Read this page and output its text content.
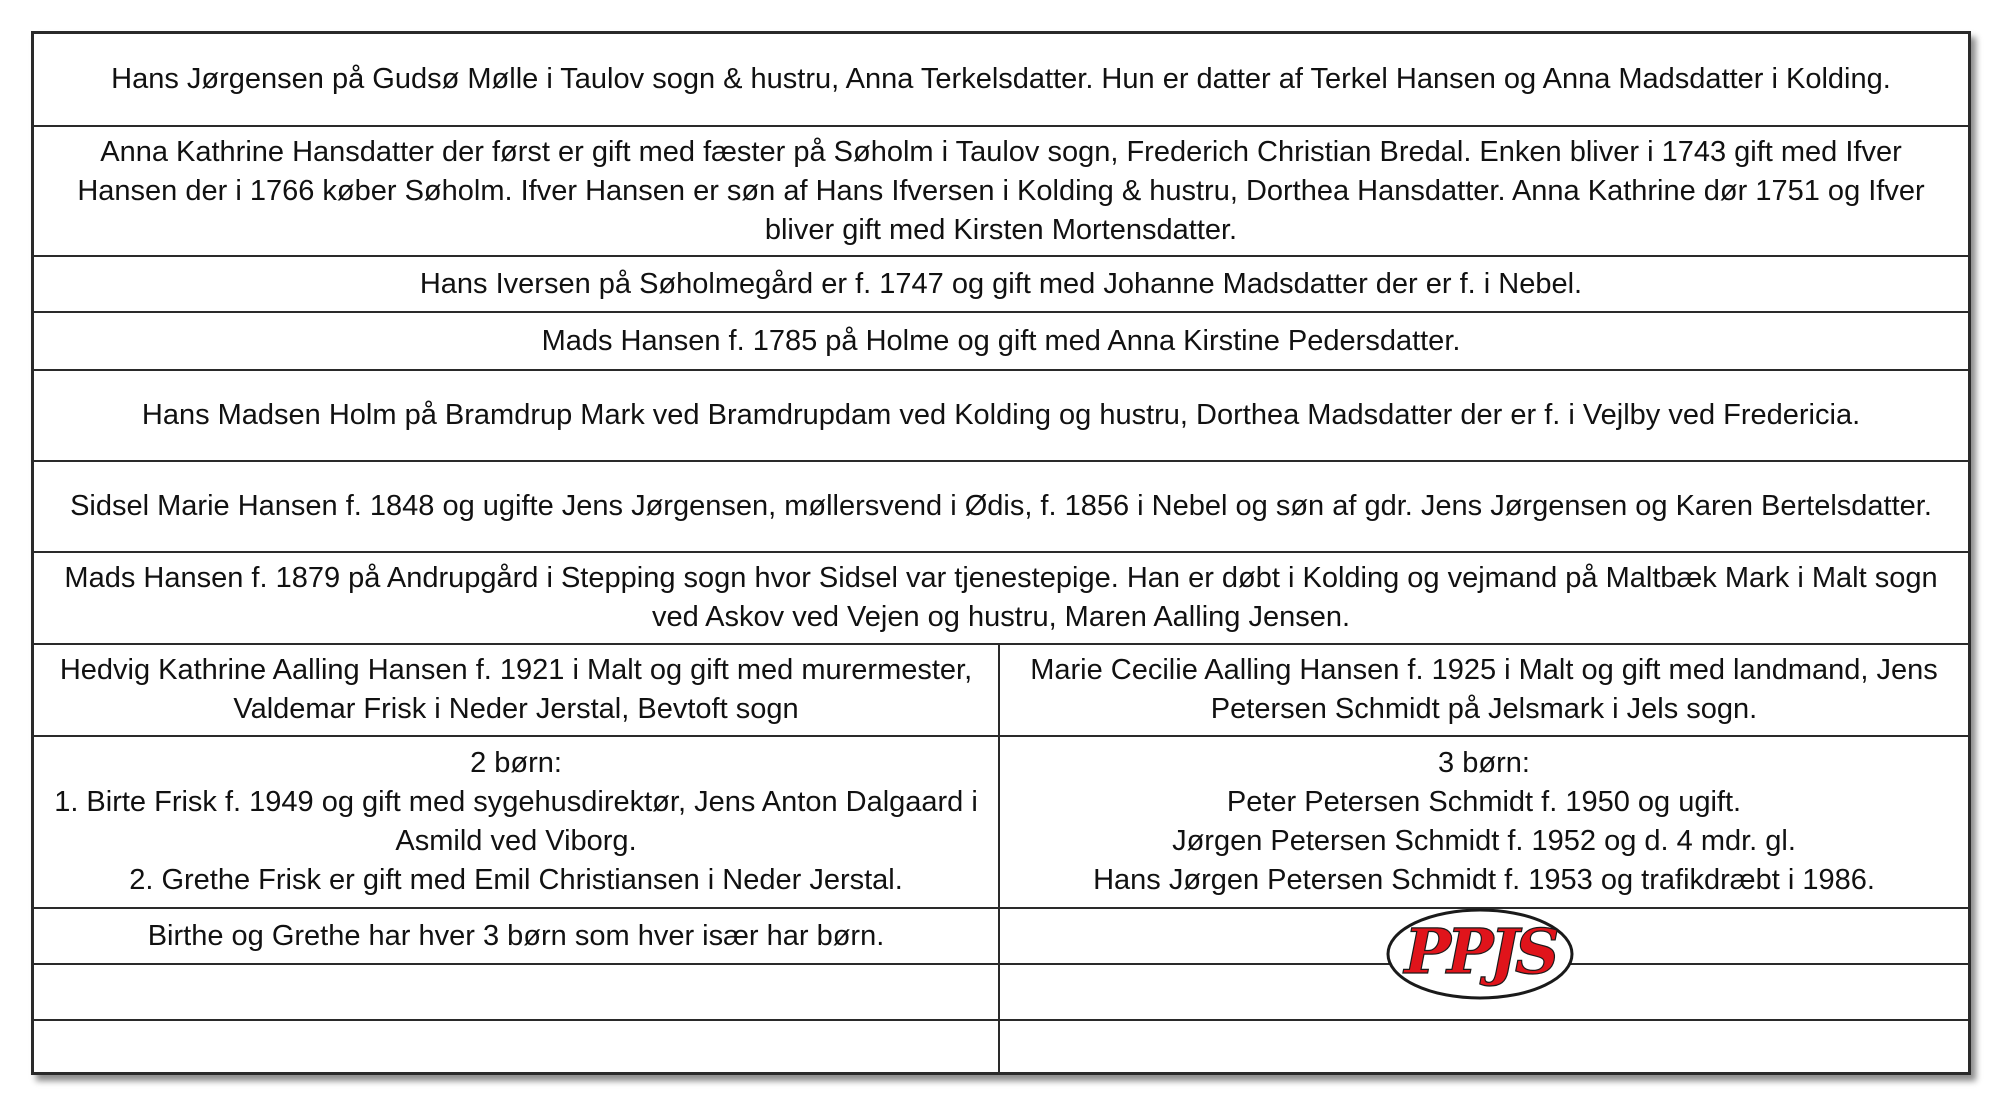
Hans Jørgensen på Gudsø Mølle i Taulov sogn & hustru, Anna Terkelsdatter. Hun er datter af Terkel Hansen og Anna Madsdatter i Kolding.
Anna Kathrine Hansdatter der først er gift med fæster på Søholm i Taulov sogn, Frederich Christian Bredal. Enken bliver i 1743 gift med Ifver Hansen der i 1766 køber Søholm. Ifver Hansen er søn af Hans Ifversen i Kolding & hustru, Dorthea Hansdatter. Anna Kathrine dør 1751 og Ifver bliver gift med Kirsten Mortensdatter.
Hans Iversen på Søholmegård er f. 1747 og gift med Johanne Madsdatter der er f. i Nebel.
Mads Hansen f. 1785 på Holme og gift med Anna Kirstine Pedersdatter.
Hans Madsen Holm på Bramdrup Mark ved Bramdrupdam ved Kolding og hustru, Dorthea Madsdatter der er f. i Vejlby ved Fredericia.
Sidsel Marie Hansen f. 1848 og ugifte Jens Jørgensen, møllersvend i Ødis, f. 1856 i Nebel og søn af gdr. Jens Jørgensen og Karen Bertelsdatter.
Mads Hansen f. 1879 på Andrupgård i Stepping sogn hvor Sidsel var tjenestepige. Han er døbt i Kolding og vejmand på Maltbæk Mark i Malt sogn ved Askov ved Vejen og hustru, Maren Aalling Jensen.
Hedvig Kathrine Aalling Hansen f. 1921 i Malt og gift med murermester, Valdemar Frisk i Neder Jerstal, Bevtoft sogn
Marie Cecilie Aalling Hansen f. 1925 i Malt og gift med landmand, Jens Petersen Schmidt på Jelsmark i Jels sogn.
2 børn:
1. Birte Frisk f. 1949 og gift med sygehusdirektør, Jens Anton Dalgaard i Asmild ved Viborg.
2. Grethe Frisk er gift med Emil Christiansen i Neder Jerstal.
3 børn:
Peter Petersen Schmidt f. 1950 og ugift.
Jørgen Petersen Schmidt f. 1952 og d. 4 mdr. gl.
Hans Jørgen Petersen Schmidt f. 1953 og trafikdræbt i 1986.
Birthe og Grethe har hver 3 børn som hver især har børn.	PPJS
